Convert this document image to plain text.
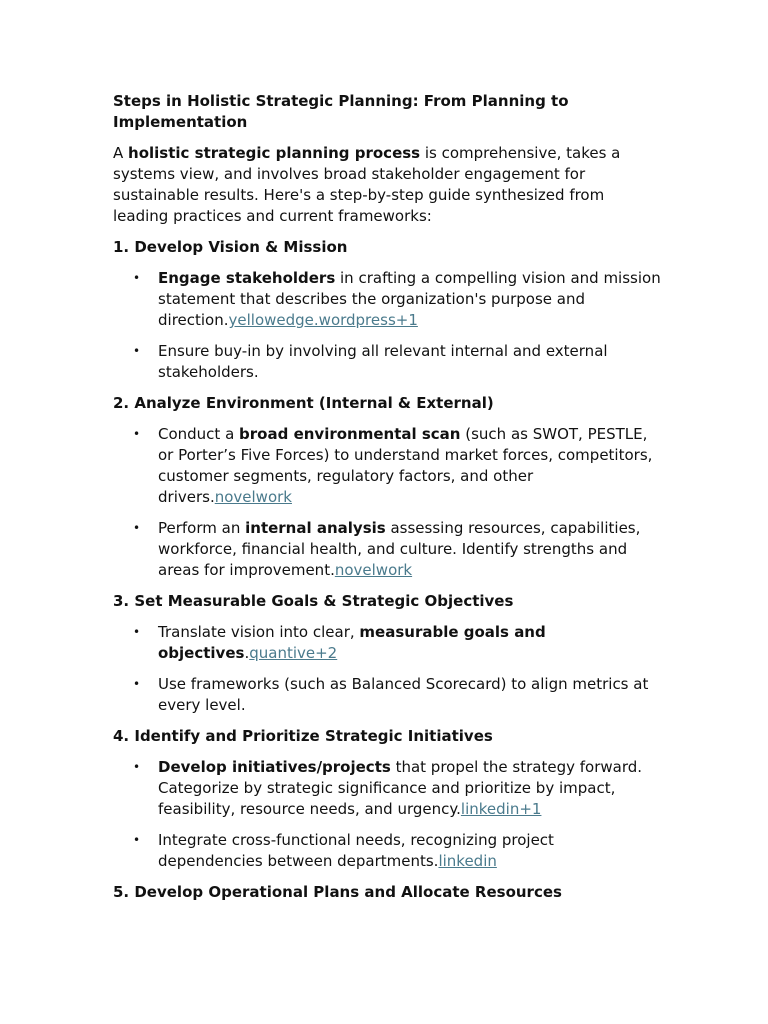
Steps in Holistic Strategic Planning: From Planning to Implementation

A holistic strategic planning process is comprehensive, takes a systems view, and involves broad stakeholder engagement for sustainable results. Here's a step-by-step guide synthesized from leading practices and current frameworks:

1. Develop Vision & Mission
• Engage stakeholders in crafting a compelling vision and mission statement that describes the organization's purpose and direction.yellowedge.wordpress+1
• Ensure buy-in by involving all relevant internal and external stakeholders.
2. Analyze Environment (Internal & External)
• Conduct a broad environmental scan (such as SWOT, PESTLE, or Porter’s Five Forces) to understand market forces, competitors, customer segments, regulatory factors, and other drivers.novelwork
• Perform an internal analysis assessing resources, capabilities, workforce, financial health, and culture. Identify strengths and areas for improvement.novelwork
3. Set Measurable Goals & Strategic Objectives
• Translate vision into clear, measurable goals and objectives.quantive+2
• Use frameworks (such as Balanced Scorecard) to align metrics at every level.
4. Identify and Prioritize Strategic Initiatives
• Develop initiatives/projects that propel the strategy forward. Categorize by strategic significance and prioritize by impact, feasibility, resource needs, and urgency.linkedin+1
• Integrate cross-functional needs, recognizing project dependencies between departments.linkedin
5. Develop Operational Plans and Allocate Resources
